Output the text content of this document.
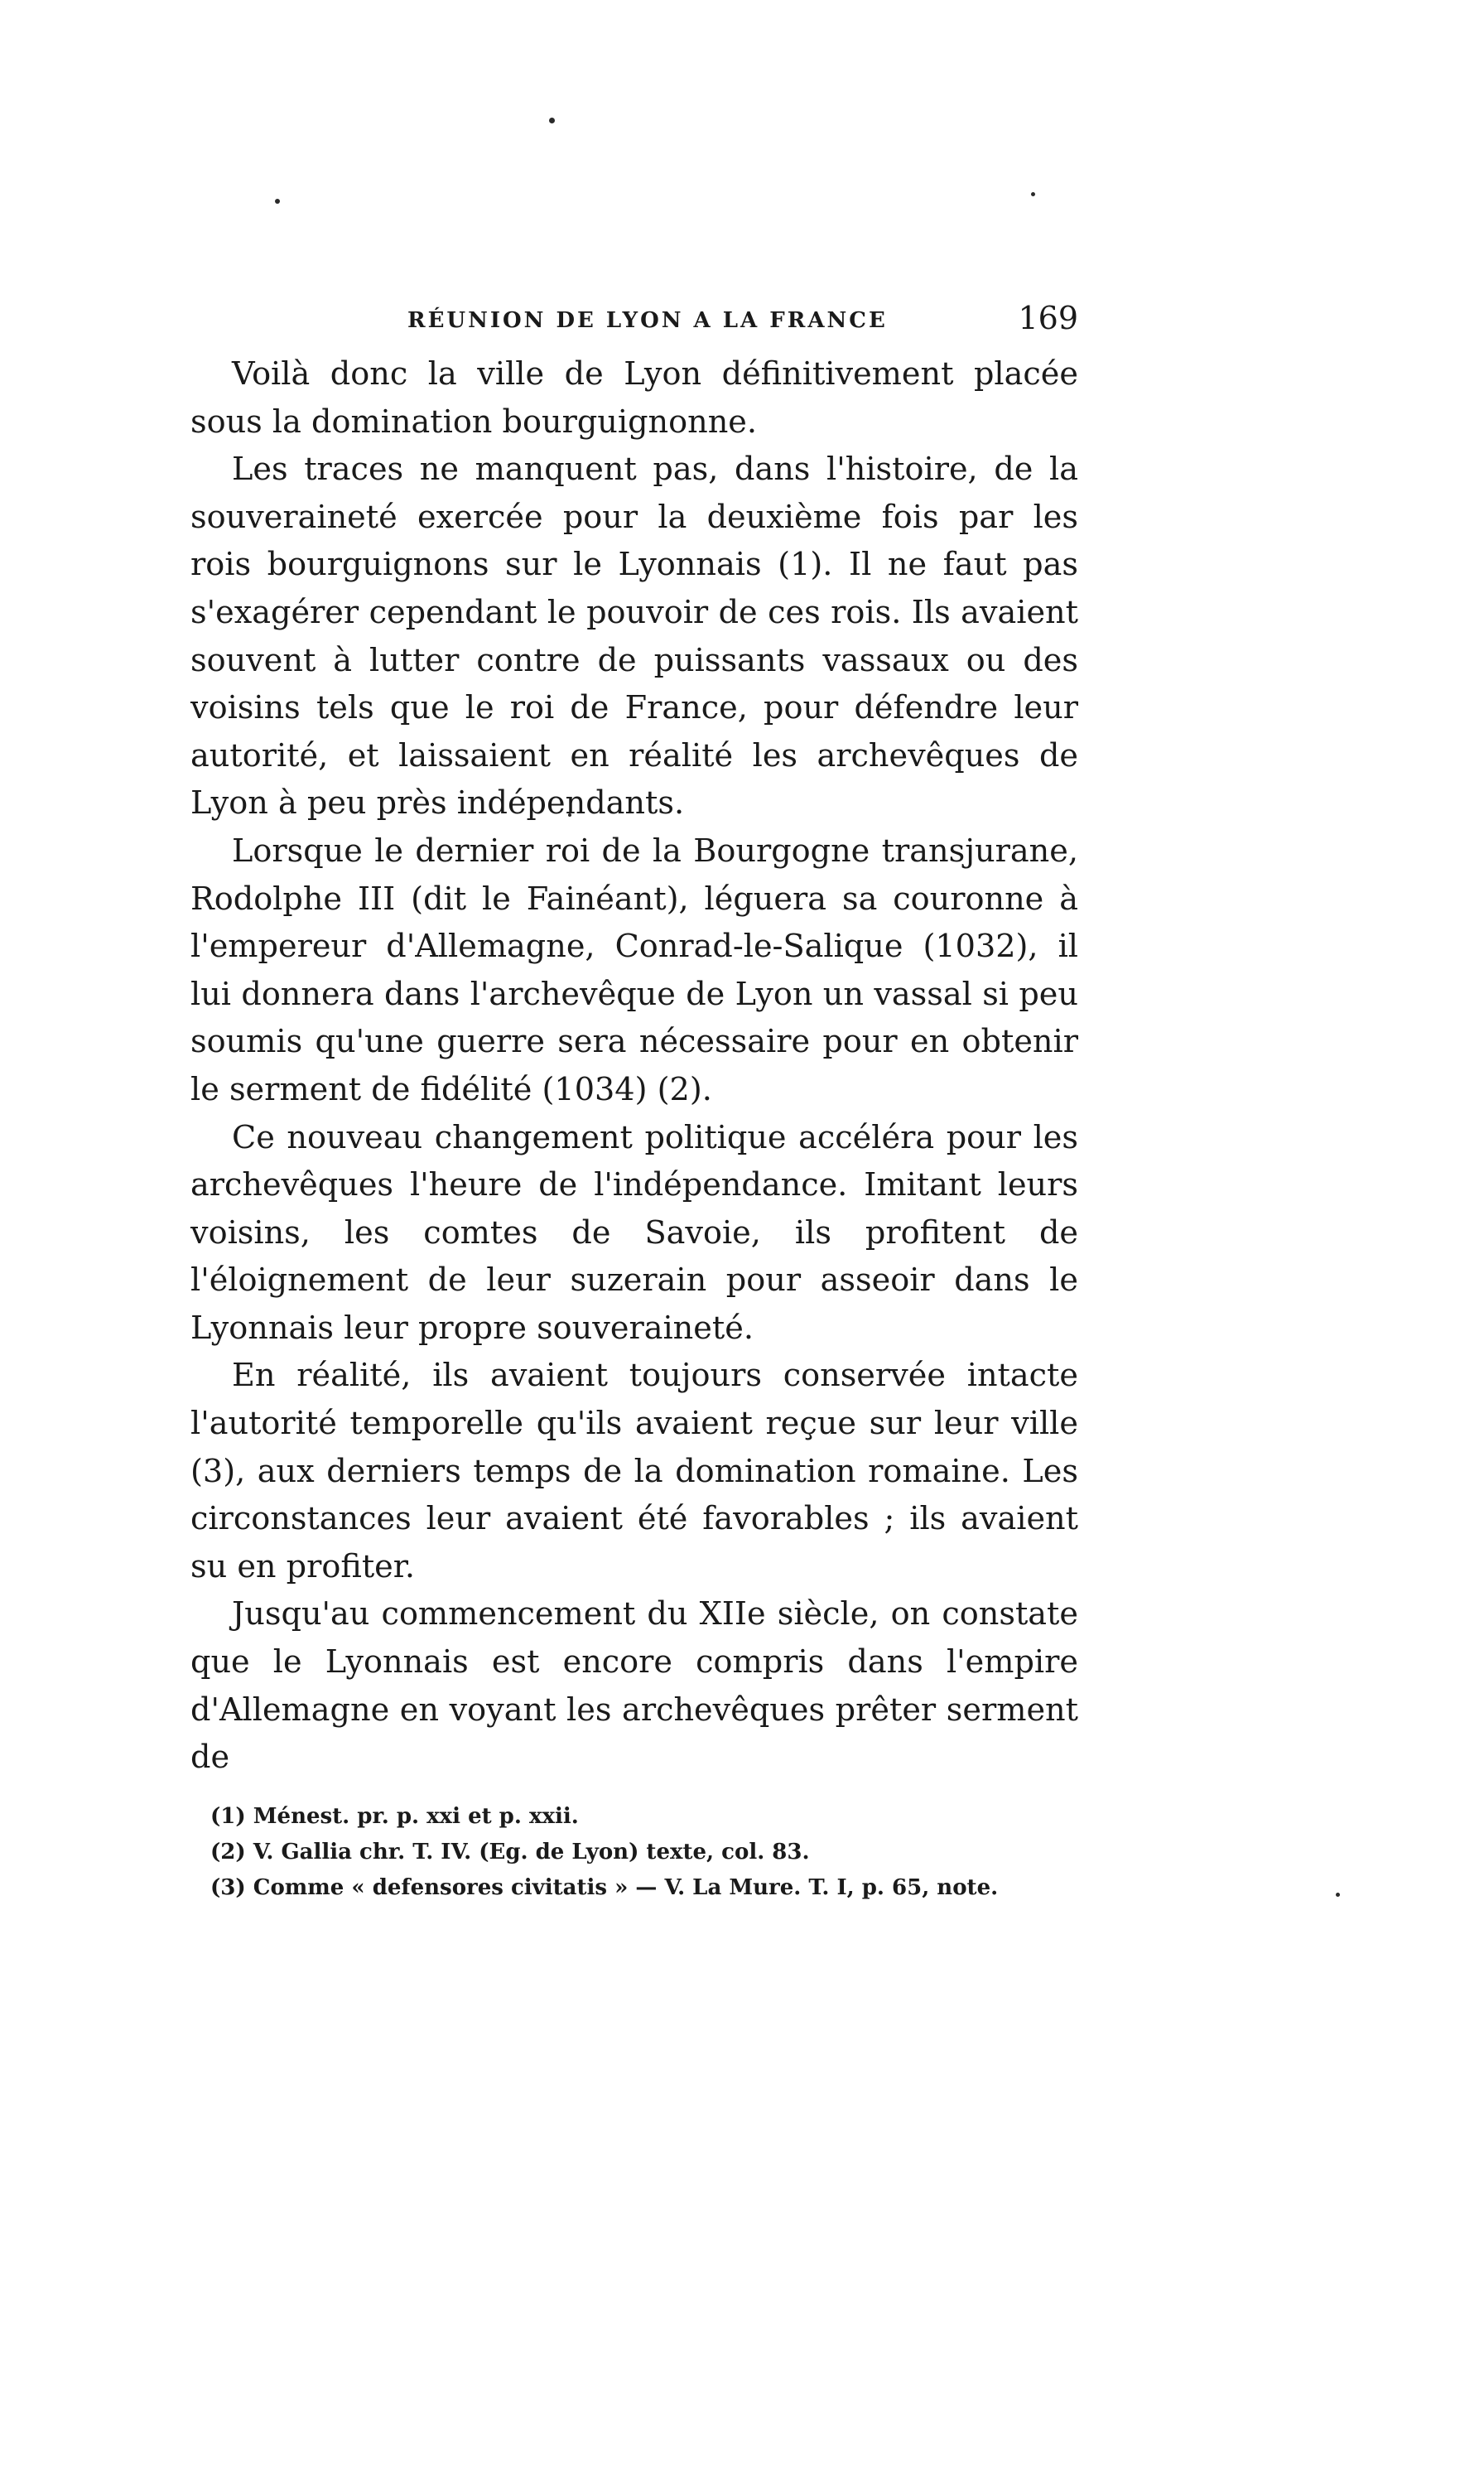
RÉUNION DE LYON A LA FRANCE	169

Voilà donc la ville de Lyon définitivement placée sous la domination bourguignonne.

Les traces ne manquent pas, dans l'histoire, de la souveraineté exercée pour la deuxième fois par les rois bourguignons sur le Lyonnais (1). Il ne faut pas s'exagérer cependant le pouvoir de ces rois. Ils avaient souvent à lutter contre de puissants vassaux ou des voisins tels que le roi de France, pour défendre leur autorité, et laissaient en réalité les archevêques de Lyon à peu près indépendants.

Lorsque le dernier roi de la Bourgogne transjurane, Rodolphe III (dit le Fainéant), léguera sa couronne à l'empereur d'Allemagne, Conrad-le-Salique (1032), il lui donnera dans l'archevêque de Lyon un vassal si peu soumis qu'une guerre sera nécessaire pour en obtenir le serment de fidélité (1034) (2).

Ce nouveau changement politique accéléra pour les archevêques l'heure de l'indépendance. Imitant leurs voisins, les comtes de Savoie, ils profitent de l'éloignement de leur suzerain pour asseoir dans le Lyonnais leur propre souveraineté.

En réalité, ils avaient toujours conservée intacte l'autorité temporelle qu'ils avaient reçue sur leur ville (3), aux derniers temps de la domination romaine. Les circonstances leur avaient été favorables ; ils avaient su en profiter.

Jusqu'au commencement du XIIe siècle, on constate que le Lyonnais est encore compris dans l'empire d'Allemagne en voyant les archevêques prêter serment de

(1) Ménest. pr. p. xxi et p. xxii.

(2) V. Gallia chr. T. IV. (Eg. de Lyon) texte, col. 83.

(3) Comme « defensores civitatis » — V. La Mure. T. I, p. 65, note.
